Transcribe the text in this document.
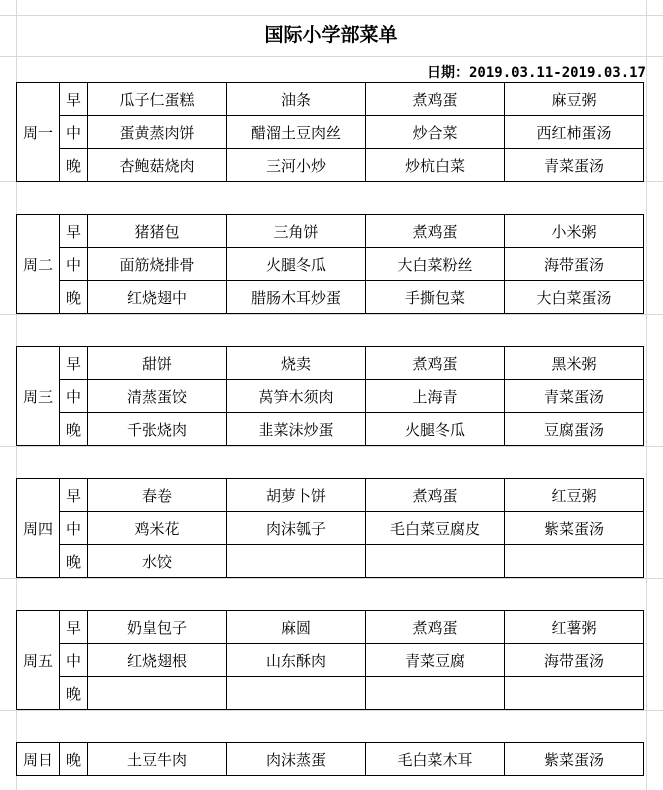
国际小学部菜单
日期：2019.03.11-2019.03.17
周一	早	瓜子仁蛋糕	油条	煮鸡蛋	麻豆粥
	中	蛋黄蒸肉饼	醋溜土豆肉丝	炒合菜	西红柿蛋汤
	晚	杏鲍菇烧肉	三河小炒	炒杭白菜	青菜蛋汤
周二	早	猪猪包	三角饼	煮鸡蛋	小米粥
	中	面筋烧排骨	火腿冬瓜	大白菜粉丝	海带蛋汤
	晚	红烧翅中	腊肠木耳炒蛋	手撕包菜	大白菜蛋汤
周三	早	甜饼	烧卖	煮鸡蛋	黑米粥
	中	清蒸蛋饺	莴笋木须肉	上海青	青菜蛋汤
	晚	千张烧肉	韭菜沫炒蛋	火腿冬瓜	豆腐蛋汤
周四	早	春卷	胡萝卜饼	煮鸡蛋	红豆粥
	中	鸡米花	肉沫瓠子	毛白菜豆腐皮	紫菜蛋汤
	晚	水饺			
周五	早	奶皇包子	麻圆	煮鸡蛋	红薯粥
	中	红烧翅根	山东酥肉	青菜豆腐	海带蛋汤
	晚				
周日	晚	土豆牛肉	肉沫蒸蛋	毛白菜木耳	紫菜蛋汤
